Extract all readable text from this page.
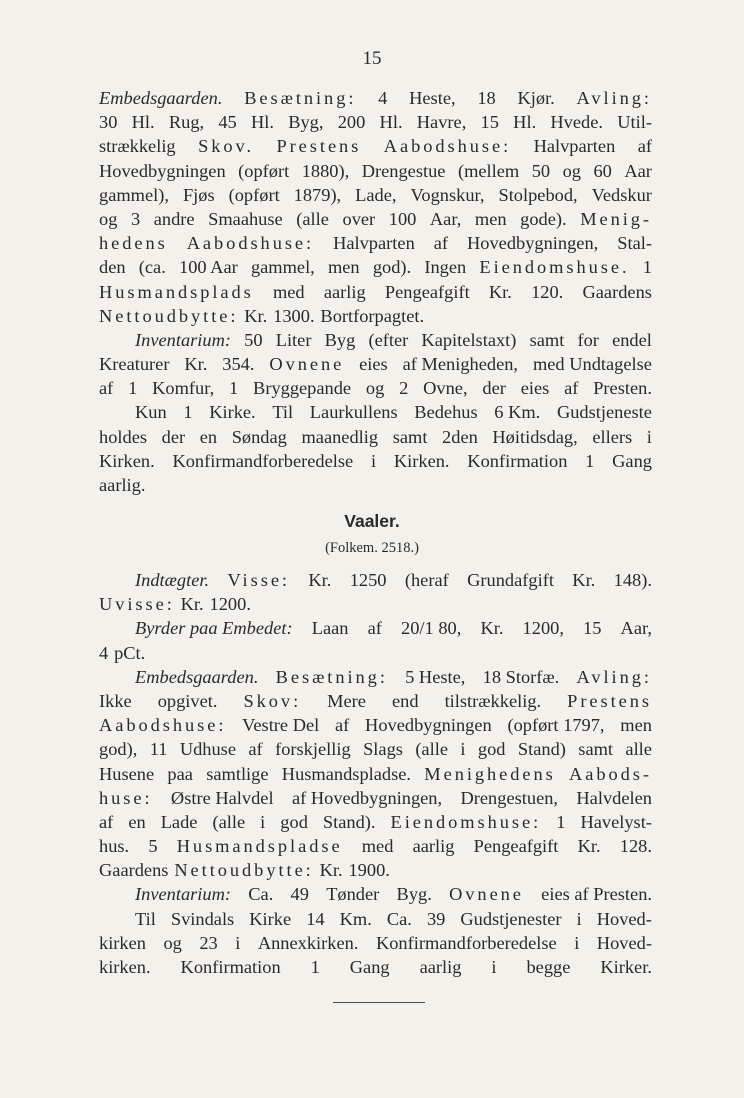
15
Embedsgaarden. Besætning: 4 Heste, 18 Kjør. Avling:
30 Hl. Rug, 45 Hl. Byg, 200 Hl. Havre, 15 Hl. Hvede. Util-
strækkelig Skov. Prestens Aabodshuse: Halvparten af
Hovedbygningen (opført 1880), Drengestue (mellem 50 og 60 Aar
gammel), Fjøs (opført 1879), Lade, Vognskur, Stolpebod, Vedskur
og 3 andre Smaahuse (alle over 100 Aar, men gode). Menig-
hedens Aabodshuse: Halvparten af Hovedbygningen, Stal-
den (ca. 100 Aar gammel, men god). Ingen Eiendomshuse. 1
Husmandsplads med aarlig Pengeafgift Kr. 120. Gaardens
Nettoudbytte: Kr. 1300. Bortforpagtet.
Inventarium: 50 Liter Byg (efter Kapitelstaxt) samt for endel
Kreaturer Kr. 354. Ovnene eies af Menigheden, med Undtagelse
af 1 Komfur, 1 Bryggepande og 2 Ovne, der eies af Presten.
Kun 1 Kirke. Til Laurkullens Bedehus 6 Km. Gudstjeneste
holdes der en Søndag maanedlig samt 2den Høitidsdag, ellers i
Kirken. Konfirmandforberedelse i Kirken. Konfirmation 1 Gang
aarlig.
Vaaler.
(Folkem. 2518.)
Indtægter. Visse: Kr. 1250 (heraf Grundafgift Kr. 148).
Uvisse: Kr. 1200.
Byrder paa Embedet: Laan af 20/1 80, Kr. 1200, 15 Aar,
4 pCt.
Embedsgaarden. Besætning: 5 Heste, 18 Storfæ. Avling:
Ikke opgivet. Skov: Mere end tilstrækkelig. Prestens
Aabodshuse: Vestre Del af Hovedbygningen (opført 1797, men
god), 11 Udhuse af forskjellig Slags (alle i god Stand) samt alle
Husene paa samtlige Husmandspladse. Menighedens Aabods-
huse: Østre Halvdel af Hovedbygningen, Drengestuen, Halvdelen
af en Lade (alle i god Stand). Eiendomshuse: 1 Havelyst-
hus. 5 Husmandspladse med aarlig Pengeafgift Kr. 128.
Gaardens Nettoudbytte: Kr. 1900.
Inventarium: Ca. 49 Tønder Byg. Ovnene eies af Presten.
Til Svindals Kirke 14 Km. Ca. 39 Gudstjenester i Hoved-
kirken og 23 i Annexkirken. Konfirmandforberedelse i Hoved-
kirken. Konfirmation 1 Gang aarlig i begge Kirker.
